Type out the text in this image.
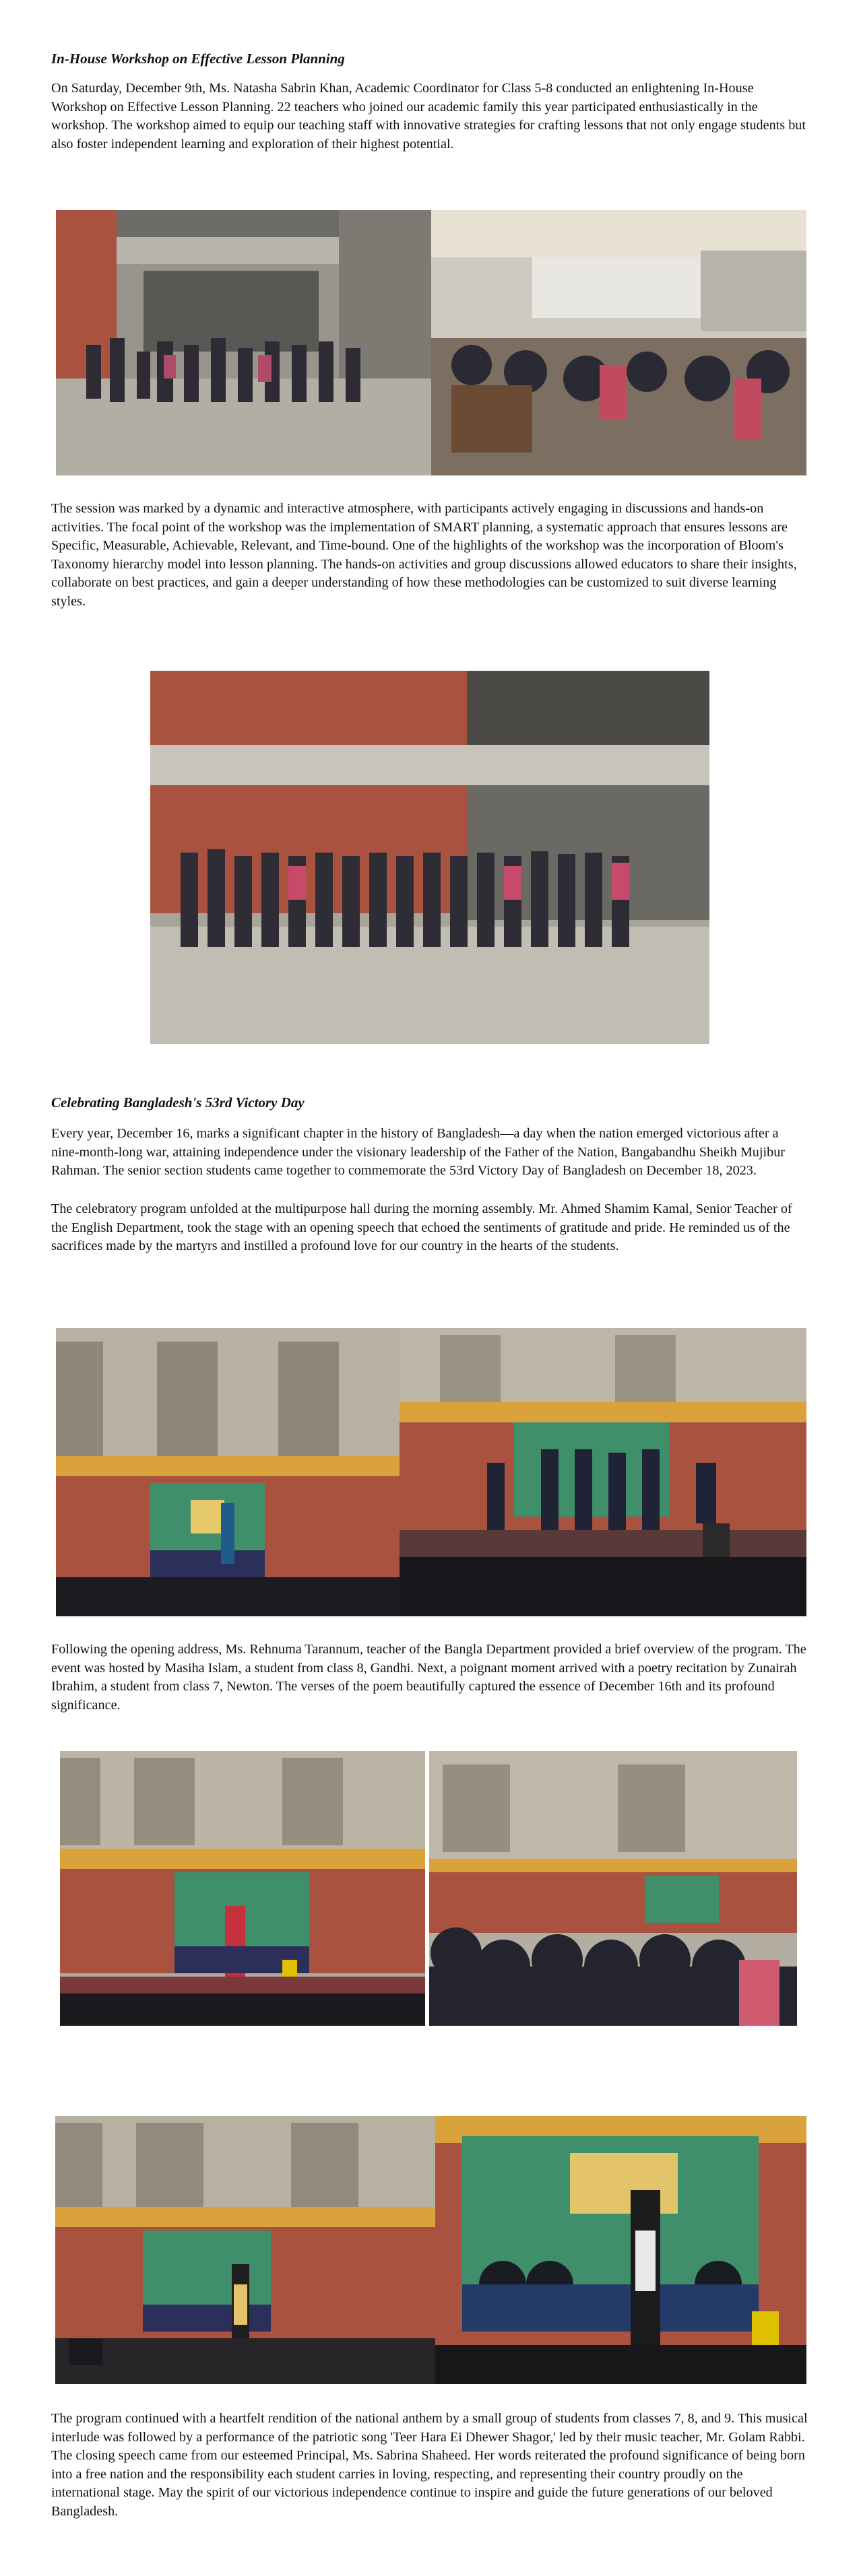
In-House Workshop on Effective Lesson Planning

On Saturday, December 9th, Ms. Natasha Sabrin Khan, Academic Coordinator for Class 5-8 conducted an enlightening In-House Workshop on Effective Lesson Planning. 22 teachers who joined our academic family this year participated enthusiastically in the workshop. The workshop aimed to equip our teaching staff with innovative strategies for crafting lessons that not only engage students but also foster independent learning and exploration of their highest potential.

The session was marked by a dynamic and interactive atmosphere, with participants actively engaging in discussions and hands-on activities. The focal point of the workshop was the implementation of SMART planning, a systematic approach that ensures lessons are Specific, Measurable, Achievable, Relevant, and Time-bound. One of the highlights of the workshop was the incorporation of Bloom's Taxonomy hierarchy model into lesson planning. The hands-on activities and group discussions allowed educators to share their insights, collaborate on best practices, and gain a deeper understanding of how these methodologies can be customized to suit diverse learning styles.

Celebrating Bangladesh's 53rd Victory Day

Every year, December 16, marks a significant chapter in the history of Bangladesh—a day when the nation emerged victorious after a nine-month-long war, attaining independence under the visionary leadership of the Father of the Nation, Bangabandhu Sheikh Mujibur Rahman. The senior section students came together to commemorate the 53rd Victory Day of Bangladesh on December 18, 2023.

The celebratory program unfolded at the multipurpose hall during the morning assembly. Mr. Ahmed Shamim Kamal, Senior Teacher of the English Department, took the stage with an opening speech that echoed the sentiments of gratitude and pride. He reminded us of the sacrifices made by the martyrs and instilled a profound love for our country in the hearts of the students.

Following the opening address, Ms. Rehnuma Tarannum, teacher of the Bangla Department provided a brief overview of the program. The event was hosted by Masiha Islam, a student from class 8, Gandhi. Next, a poignant moment arrived with a poetry recitation by Zunairah Ibrahim, a student from class 7, Newton. The verses of the poem beautifully captured the essence of December 16th and its profound significance.

The program continued with a heartfelt rendition of the national anthem by a small group of students from classes 7, 8, and 9. This musical interlude was followed by a performance of the patriotic song 'Teer Hara Ei Dhewer Shagor,' led by their music teacher, Mr. Golam Rabbi. The closing speech came from our esteemed Principal, Ms. Sabrina Shaheed. Her words reiterated the profound significance of being born into a free nation and the responsibility each student carries in loving, respecting, and representing their country proudly on the international stage. May the spirit of our victorious independence continue to inspire and guide the future generations of our beloved Bangladesh.
